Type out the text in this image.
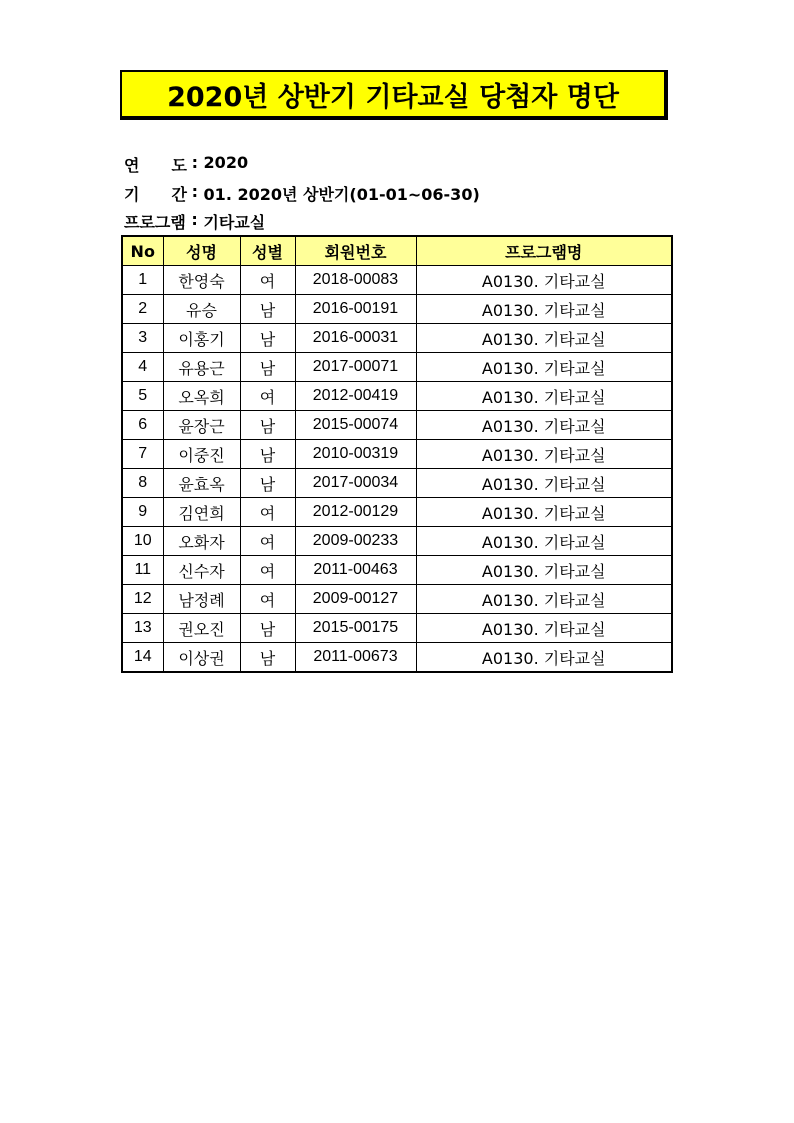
2020년 상반기 기타교실 당첨자 명단
연　　도 : 2020
기　　간 : 01. 2020년 상반기(01-01~06-30)
프로그램 : 기타교실
No	성명	성별	회원번호	프로그램명
1	한영숙	여	2018-00083	A0130. 기타교실
2	유승	남	2016-00191	A0130. 기타교실
3	이홍기	남	2016-00031	A0130. 기타교실
4	유용근	남	2017-00071	A0130. 기타교실
5	오옥희	여	2012-00419	A0130. 기타교실
6	윤장근	남	2015-00074	A0130. 기타교실
7	이중진	남	2010-00319	A0130. 기타교실
8	윤효옥	남	2017-00034	A0130. 기타교실
9	김연희	여	2012-00129	A0130. 기타교실
10	오화자	여	2009-00233	A0130. 기타교실
11	신수자	여	2011-00463	A0130. 기타교실
12	남정례	여	2009-00127	A0130. 기타교실
13	권오진	남	2015-00175	A0130. 기타교실
14	이상권	남	2011-00673	A0130. 기타교실
